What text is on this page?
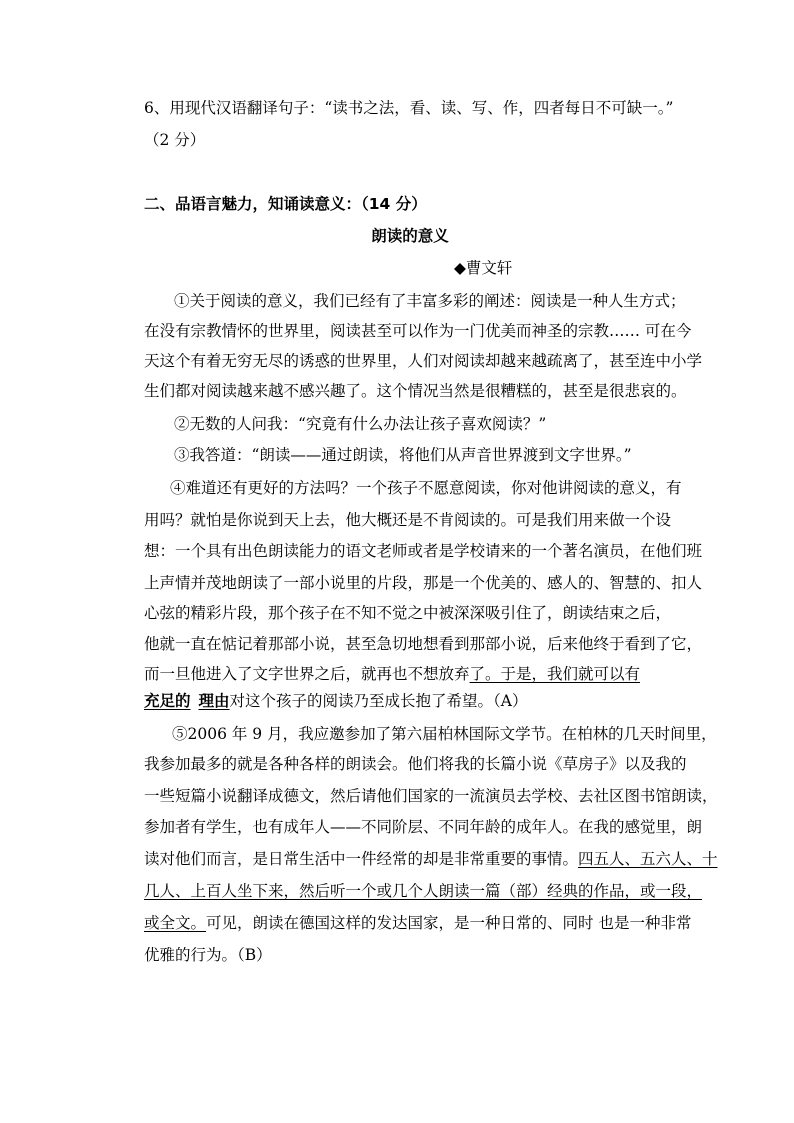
6、用现代汉语翻译句子：“读书之法，看、读、写、作，四者每日不可缺一。”
（2 分）
二、品语言魅力，知诵读意义：（14 分）
朗读的意义
◆曹文轩
①关于阅读的意义，我们已经有了丰富多彩的阐述：阅读是一种人生方式；
在没有宗教情怀的世界里，阅读甚至可以作为一门优美而神圣的宗教…… 可在今
天这个有着无穷无尽的诱惑的世界里，人们对阅读却越来越疏离了，甚至连中小学
生们都对阅读越来越不感兴趣了。这个情况当然是很糟糕的，甚至是很悲哀的。
②无数的人问我：“究竟有什么办法让孩子喜欢阅读？”
③我答道：“朗读——通过朗读，将他们从声音世界渡到文字世界。”
④难道还有更好的方法吗？一个孩子不愿意阅读，你对他讲阅读的意义，有
用吗？就怕是你说到天上去，他大概还是不肯阅读的。可是我们用来做一个设
想：一个具有出色朗读能力的语文老师或者是学校请来的一个著名演员，在他们班
上声情并茂地朗读了一部小说里的片段，那是一个优美的、感人的、智慧的、扣人
心弦的精彩片段，那个孩子在不知不觉之中被深深吸引住了，朗读结束之后，
他就一直在惦记着那部小说，甚至急切地想看到那部小说，后来他终于看到了它，
而一旦他进入了文字世界之后，就再也不想放弃了。于是，我们就可以有
充足的 理由对这个孩子的阅读乃至成长抱了希望。（A）
⑤2006 年 9 月，我应邀参加了第六届柏林国际文学节。在柏林的几天时间里，
我参加最多的就是各种各样的朗读会。他们将我的长篇小说《草房子》以及我的
一些短篇小说翻译成德文，然后请他们国家的一流演员去学校、去社区图书馆朗读，
参加者有学生，也有成年人——不同阶层、不同年龄的成年人。在我的感觉里，朗
读对他们而言，是日常生活中一件经常的却是非常重要的事情。四五人、五六人、十
几人、上百人坐下来，然后听一个或几个人朗读一篇（部）经典的作品，或一段，
或全文。可见，朗读在德国这样的发达国家，是一种日常的、同时 也是一种非常
优雅的行为。（B）
